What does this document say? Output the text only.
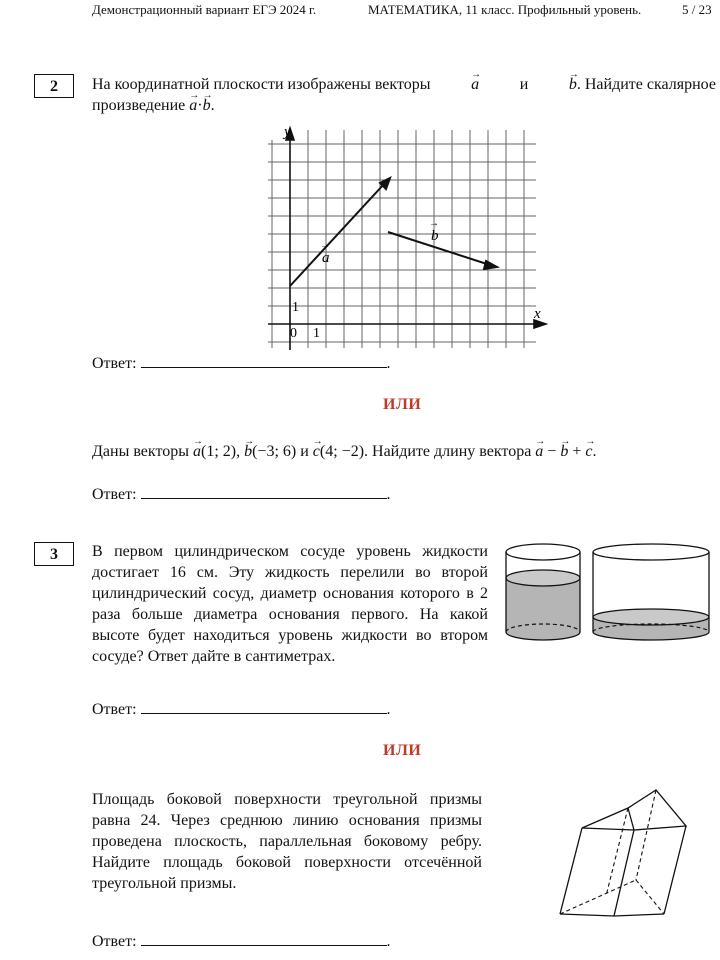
Демонстрационный вариант ЕГЭ 2024 г.	МАТЕМАТИКА, 11 класс. Профильный уровень.	5 / 23
2	На координатной плоскости изображены векторы	→ a	и	→ b. Найдите скалярное
произведение → a·→ b.
y
x
0 1
1
a
b
→
→
Ответ:	.
ИЛИ
Даны векторы → a(1; 2), → b(−3; 6) и → c(4; −2). Найдите длину вектора → a − → b + → c.
Ответ:	.
3	В первом цилиндрическом сосуде уровень жидкости достигает 16 см. Эту жидкость перелили во второй цилиндрический сосуд, диаметр основания которого в 2 раза больше диаметра основания первого. На какой высоте будет находиться уровень жидкости во втором сосуде? Ответ дайте в сантиметрах.
Ответ:	.
ИЛИ
Площадь боковой поверхности треугольной призмы равна 24. Через среднюю линию основания призмы проведена плоскость, параллельная боковому ребру. Найдите площадь боковой поверхности отсечённой треугольной призмы.
Ответ:	.
